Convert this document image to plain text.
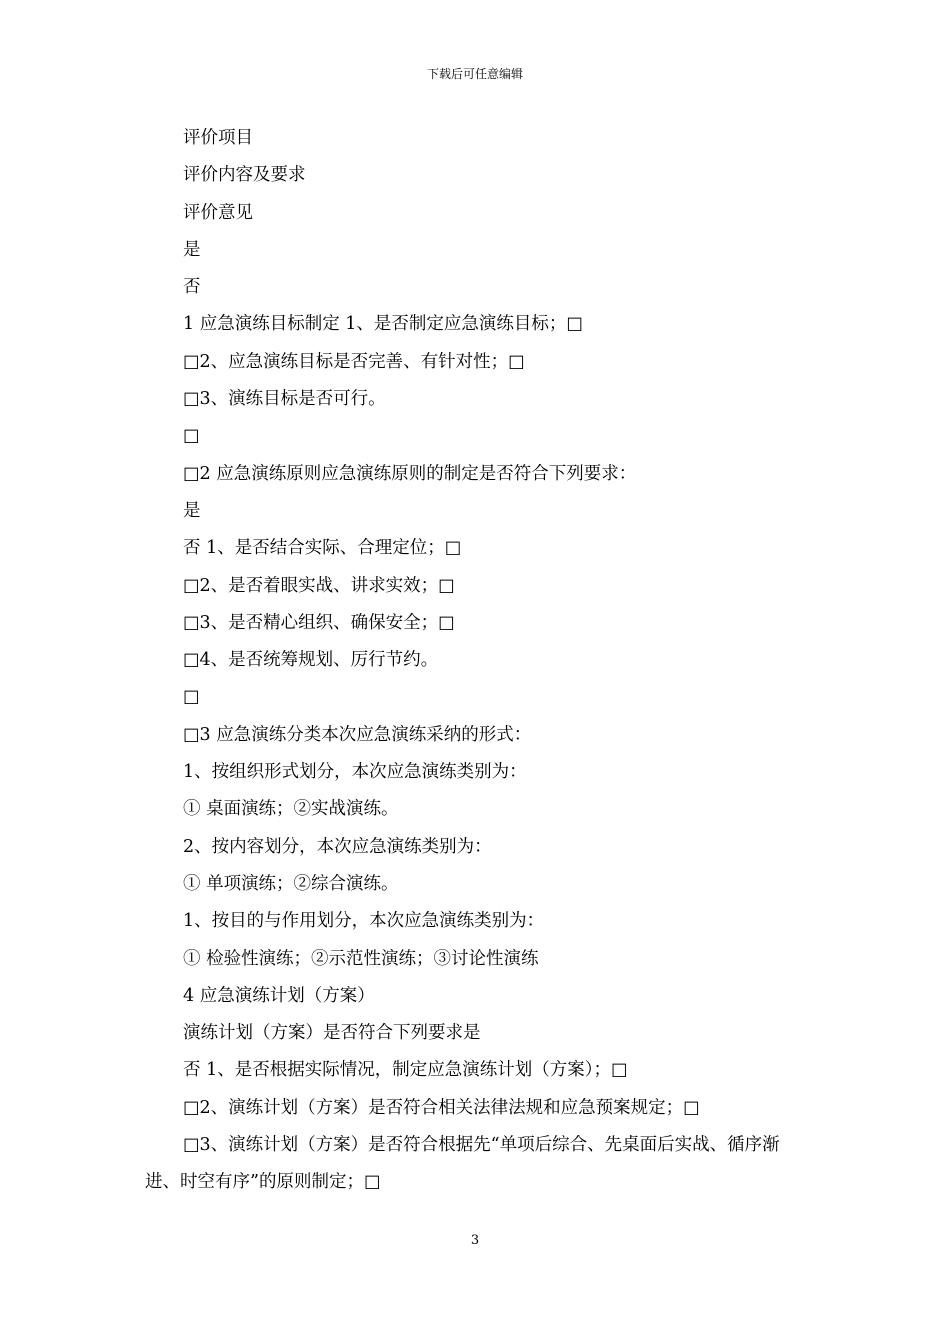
下载后可任意编辑
评价项目
评价内容及要求
评价意见
是
否
1 应急演练目标制定 1、是否制定应急演练目标；□
□2、应急演练目标是否完善、有针对性；□
□3、演练目标是否可行。
□
□2 应急演练原则应急演练原则的制定是否符合下列要求：
是
否 1、是否结合实际、合理定位；□
□2、是否着眼实战、讲求实效；□
□3、是否精心组织、确保安全；□
□4、是否统筹规划、厉行节约。
□
□3 应急演练分类本次应急演练采纳的形式：
1、按组织形式划分，本次应急演练类别为：
① 桌面演练；②实战演练。
2、按内容划分，本次应急演练类别为：
① 单项演练；②综合演练。
1、按目的与作用划分，本次应急演练类别为：
① 检验性演练；②示范性演练；③讨论性演练
4 应急演练计划（方案）
演练计划（方案）是否符合下列要求是
否 1、是否根据实际情况，制定应急演练计划（方案）；□
□2、演练计划（方案）是否符合相关法律法规和应急预案规定；□
□3、演练计划（方案）是否符合根据先“单项后综合、先桌面后实战、循序渐进、时空有序”的原则制定；□
3
